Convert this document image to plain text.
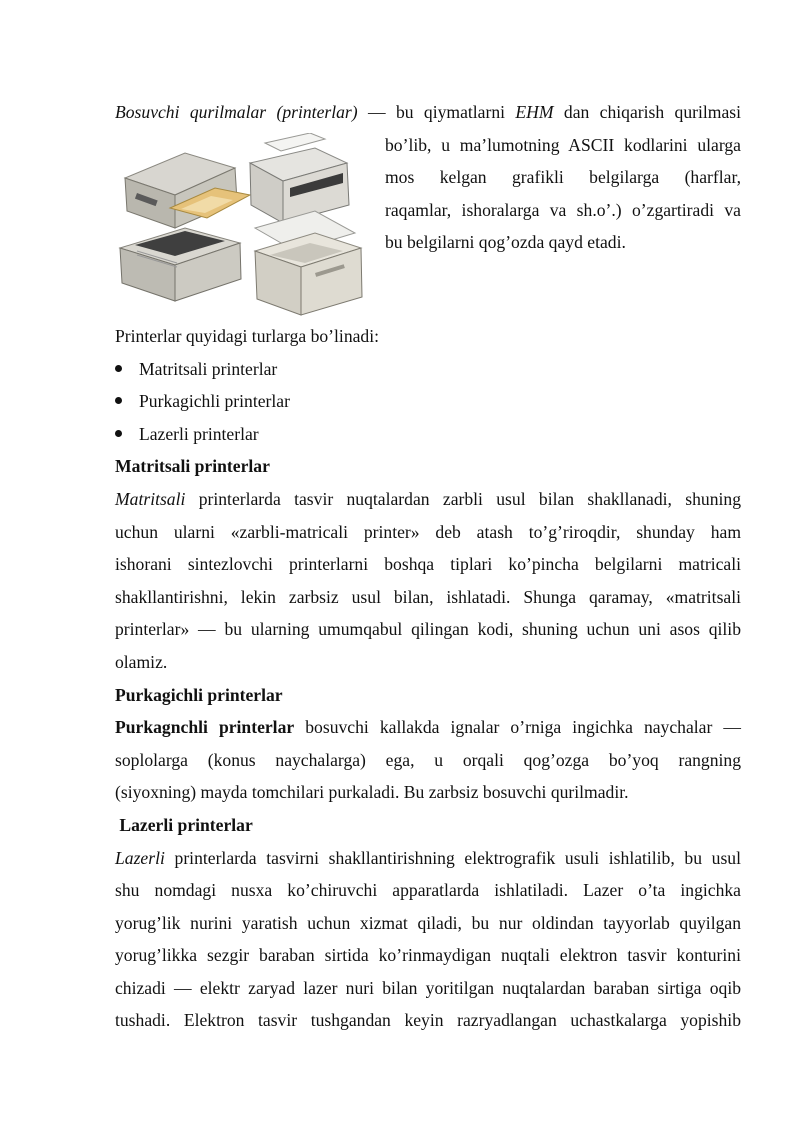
Bosuvchi qurilmalar (printerlar) — bu qiymatlarni EHM dan chiqarish qurilmasi

bo’lib, u ma’lumotning ASCII kodlarini ularga

mos kelgan grafikli belgilarga (harflar,

raqamlar, ishoralarga va sh.o’.) o’zgartiradi va

bu belgilarni qog’ozda qayd etadi.

Printerlar quyidagi turlarga bo’linadi:

Matritsali printerlar
Purkagichli printerlar
Lazerli printerlar

Matritsali printerlar

Matritsali printerlarda tasvir nuqtalardan zarbli usul bilan shakllanadi, shuning

uchun ularni «zarbli-matricali printer» deb atash to’g’riroqdir, shunday ham

ishorani sintezlovchi printerlarni boshqa tiplari ko’pincha belgilarni matricali

shakllantirishni, lekin zarbsiz usul bilan, ishlatadi. Shunga qaramay, «matritsali

printerlar» — bu ularning umumqabul qilingan kodi, shuning uchun uni asos qilib

olamiz.

Purkagichli printerlar

Purkagnchli printerlar bosuvchi kallakda ignalar o’rniga ingichka naychalar —

soplolarga (konus naychalarga) ega, u orqali qog’ozga bo’yoq rangning

(siyoxning) mayda tomchilari purkaladi. Bu zarbsiz bosuvchi qurilmadir.

Lazerli printerlar

Lazerli printerlarda tasvirni shakllantirishning elektrografik usuli ishlatilib, bu usul

shu nomdagi nusxa ko’chiruvchi apparatlarda ishlatiladi. Lazer o’ta ingichka

yorug’lik nurini yaratish uchun xizmat qiladi, bu nur oldindan tayyorlab quyilgan

yorug’likka sezgir baraban sirtida ko’rinmaydigan nuqtali elektron tasvir konturini

chizadi — elektr zaryad lazer nuri bilan yoritilgan nuqtalardan baraban sirtiga oqib

tushadi. Elektron tasvir tushgandan keyin razryadlangan uchastkalarga yopishib
